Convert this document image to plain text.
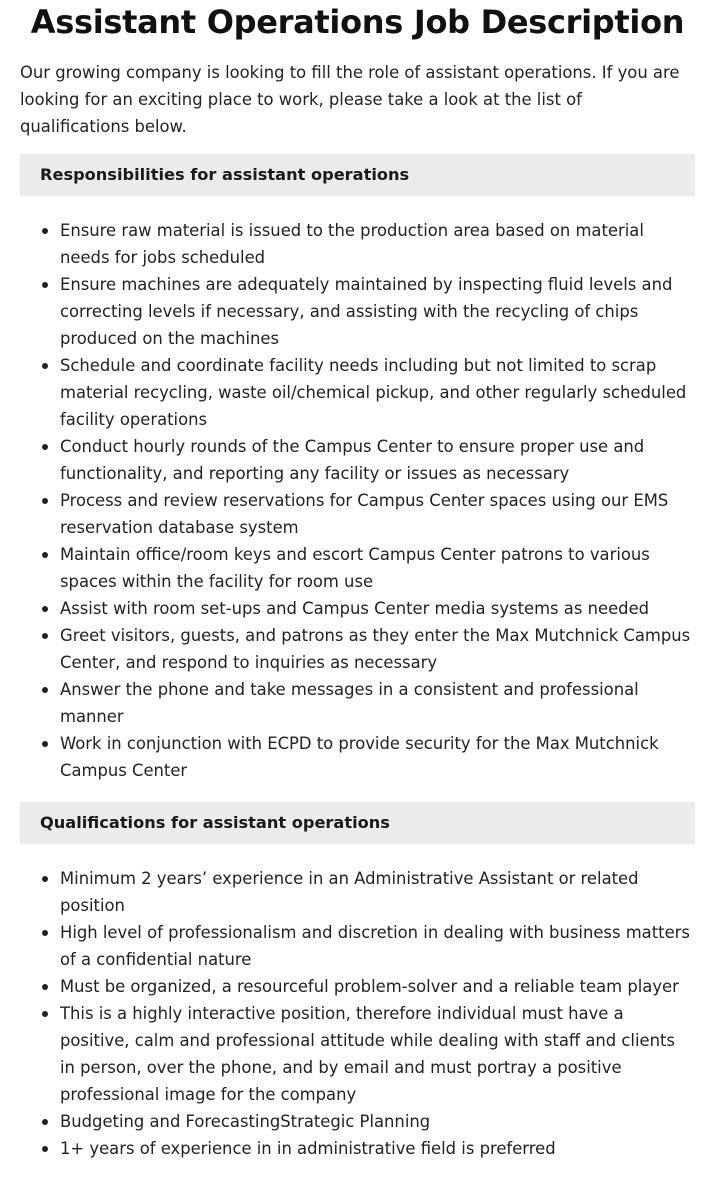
Assistant Operations Job Description

Our growing company is looking to fill the role of assistant operations. If you are looking for an exciting place to work, please take a look at the list of qualifications below.

Responsibilities for assistant operations
Ensure raw material is issued to the production area based on material needs for jobs scheduled
Ensure machines are adequately maintained by inspecting fluid levels and correcting levels if necessary, and assisting with the recycling of chips produced on the machines
Schedule and coordinate facility needs including but not limited to scrap material recycling, waste oil/chemical pickup, and other regularly scheduled facility operations
Conduct hourly rounds of the Campus Center to ensure proper use and functionality, and reporting any facility or issues as necessary
Process and review reservations for Campus Center spaces using our EMS reservation database system
Maintain office/room keys and escort Campus Center patrons to various spaces within the facility for room use
Assist with room set-ups and Campus Center media systems as needed
Greet visitors, guests, and patrons as they enter the Max Mutchnick Campus Center, and respond to inquiries as necessary
Answer the phone and take messages in a consistent and professional manner
Work in conjunction with ECPD to provide security for the Max Mutchnick Campus Center
Qualifications for assistant operations
Minimum 2 years’ experience in an Administrative Assistant or related position
High level of professionalism and discretion in dealing with business matters of a confidential nature
Must be organized, a resourceful problem-solver and a reliable team player
This is a highly interactive position, therefore individual must have a positive, calm and professional attitude while dealing with staff and clients in person, over the phone, and by email and must portray a positive professional image for the company
Budgeting and ForecastingStrategic Planning
1+ years of experience in in administrative field is preferred
